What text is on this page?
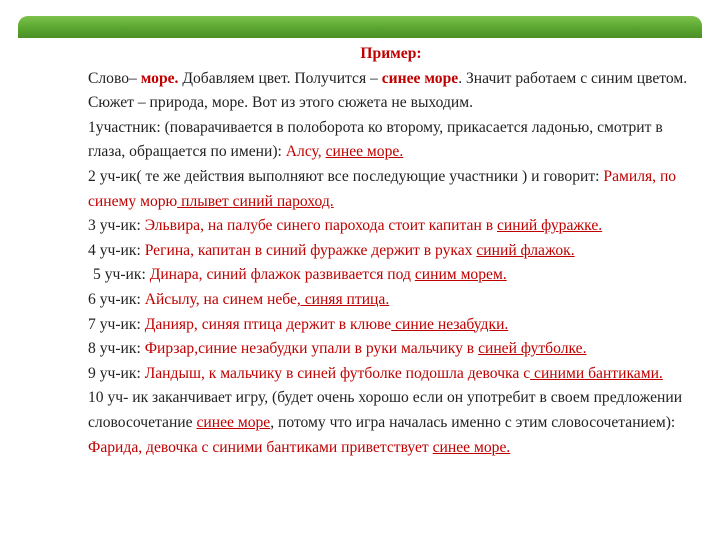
Пример:

Слово– море. Добавляем цвет. Получится – синее море. Значит работаем с синим цветом. Сюжет – природа, море. Вот из этого сюжета не выходим.

1участник: (поварачивается в полоборота ко второму, прикасается ладонью, смотрит в глаза, обращается по имени): Алсу, синее море.

2 уч-ик( те же действия выполняют все последующие участники ) и говорит: Рамиля, по синему морю плывет синий пароход.

3 уч-ик: Эльвира, на палубе синего парохода стоит капитан в синий фуражке.

4 уч-ик: Регина, капитан в синий фуражке держит в руках синий флажок.

5 уч-ик: Динара, синий флажок развивается под синим морем.

6 уч-ик: Айсылу, на синем небе, синяя птица.

7 уч-ик: Данияр, синяя птица держит в клюве синие незабудки.

8 уч-ик: Фирзар,синие незабудки упали в руки мальчику в синей футболке.

9 уч-ик: Ландыш, к мальчику в синей футболке подошла девочка с синими бантиками.

10 уч- ик заканчивает игру, (будет очень хорошо если он употребит в своем предложении словосочетание синее море, потому что игра началась именно с этим словосочетанием): Фарида, девочка с синими бантиками приветствует синее море.
